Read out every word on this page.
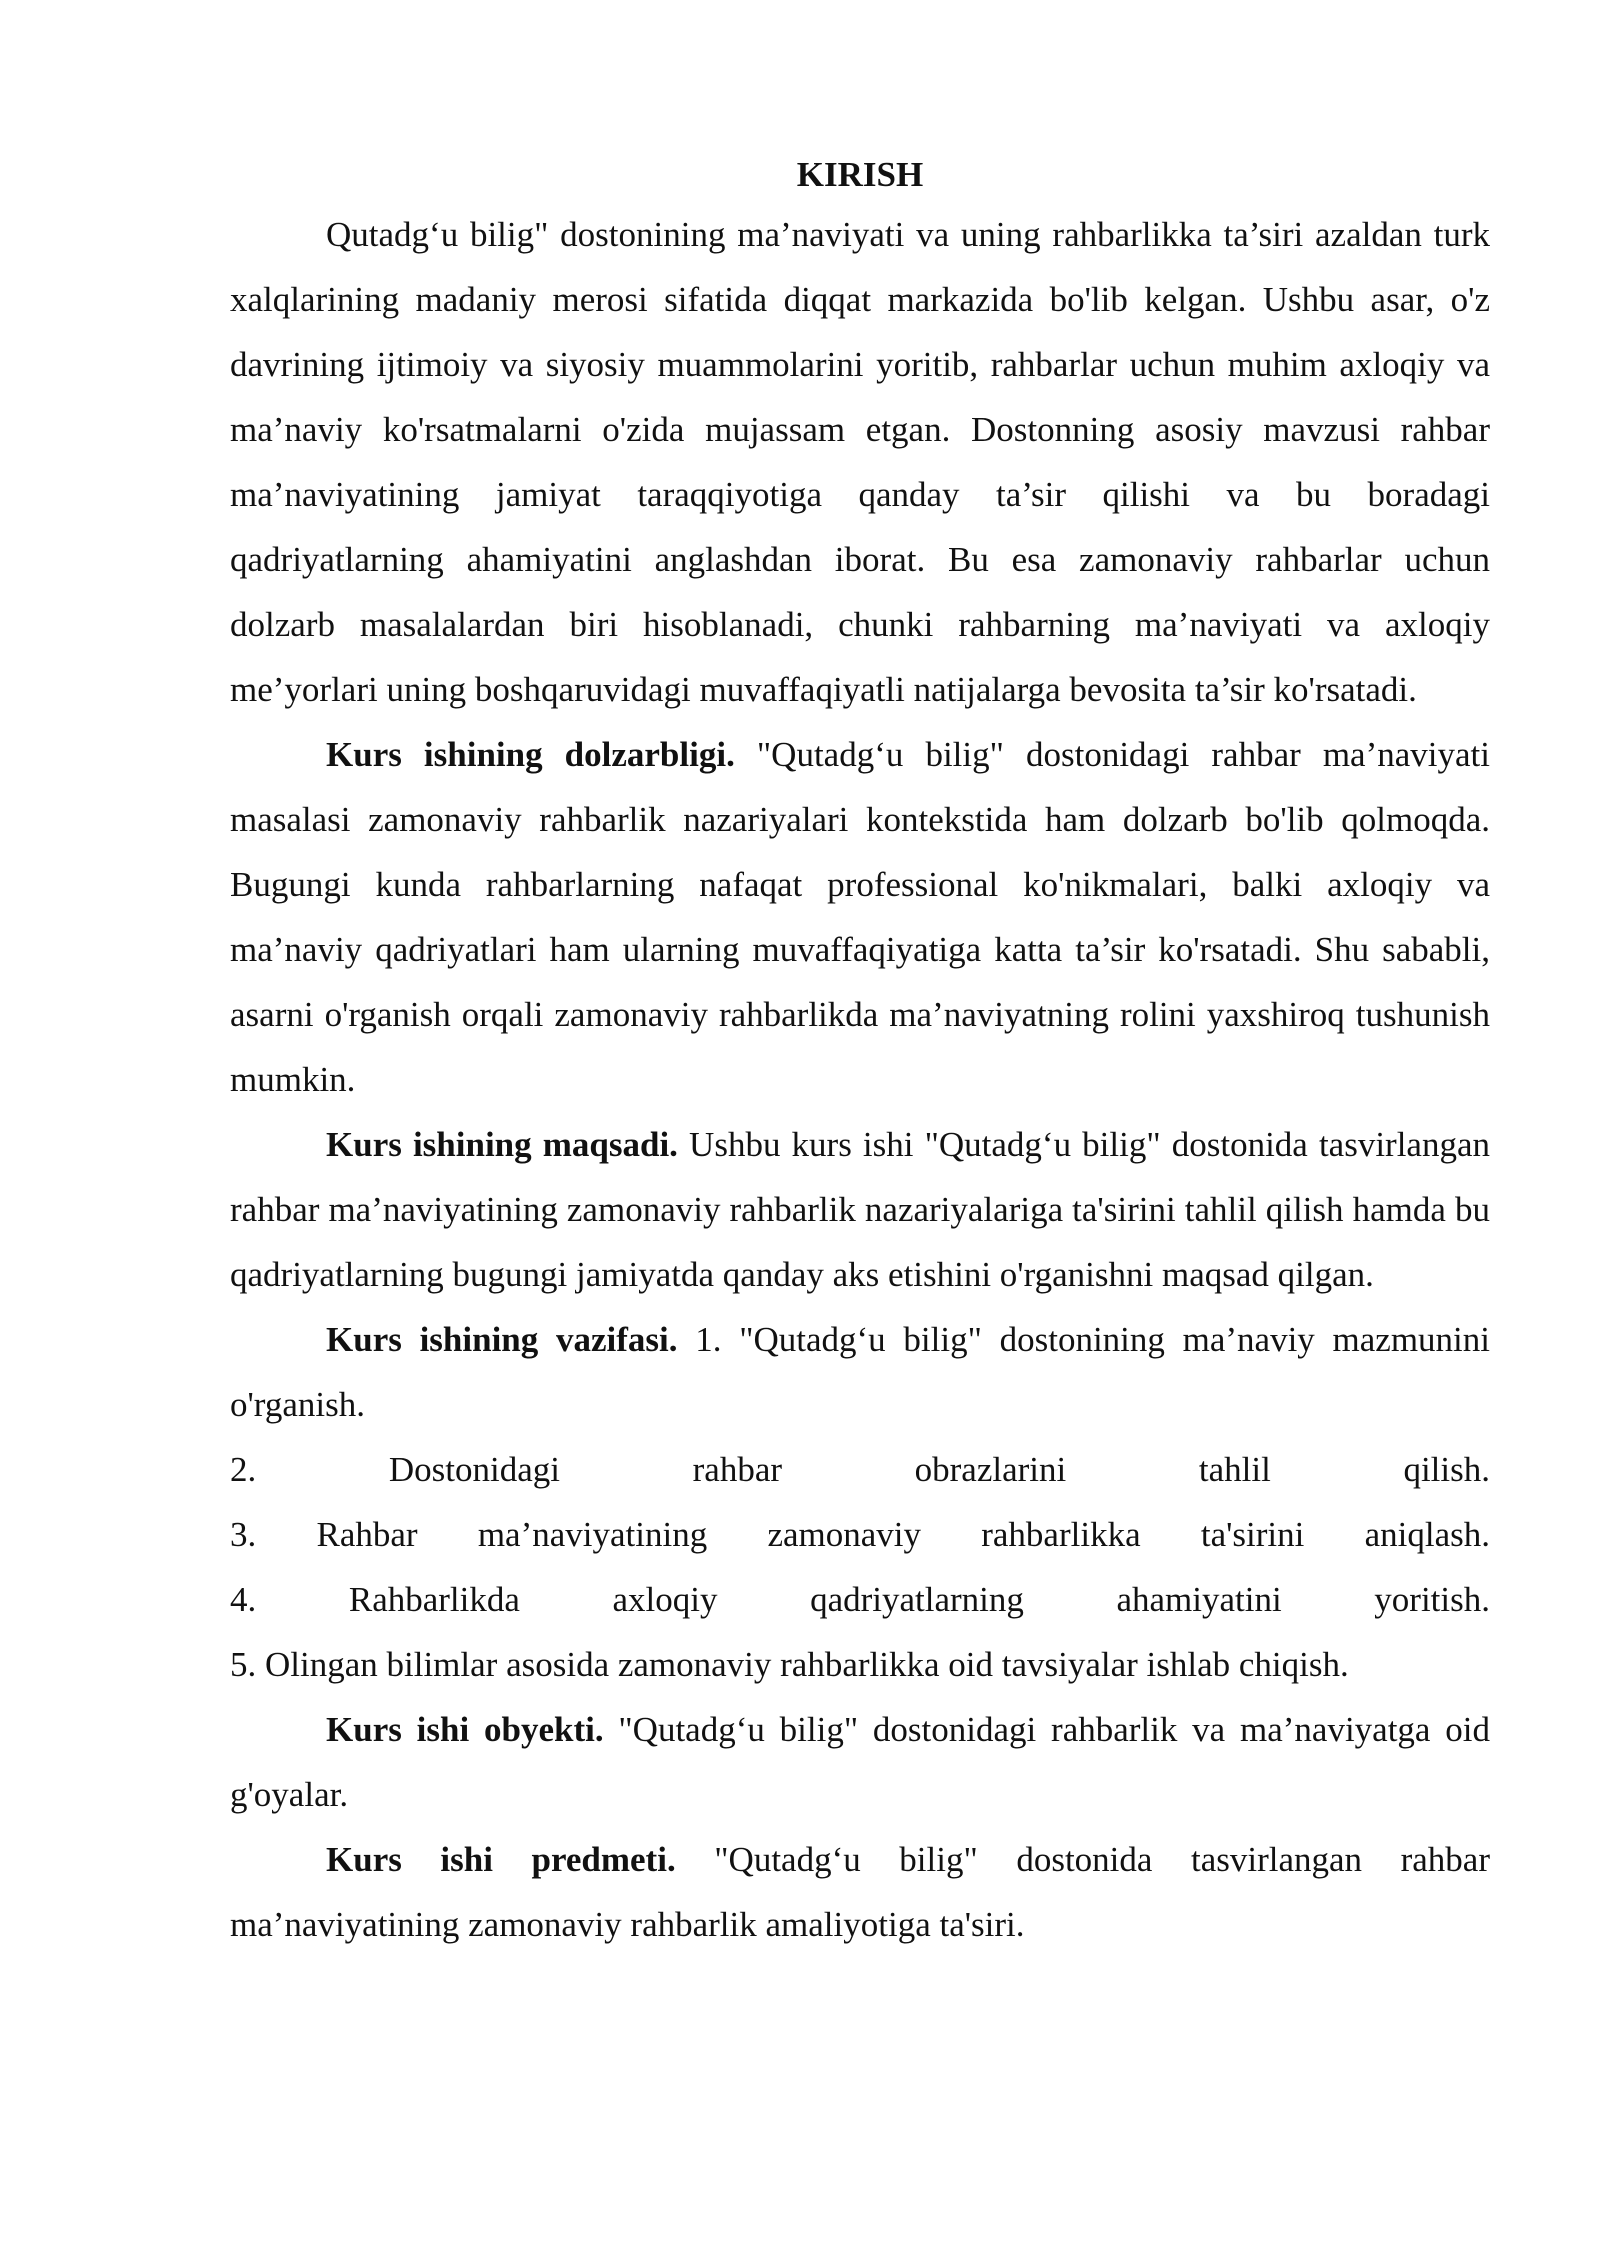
KIRISH

Qutadg‘u bilig" dostonining ma’naviyati va uning rahbarlikka ta’siri azaldan turk xalqlarining madaniy merosi sifatida diqqat markazida bo'lib kelgan. Ushbu asar, o'z davrining ijtimoiy va siyosiy muammolarini yoritib, rahbarlar uchun muhim axloqiy va ma’naviy ko'rsatmalarni o'zida mujassam etgan. Dostonning asosiy mavzusi rahbar ma’naviyatining jamiyat taraqqiyotiga qanday ta’sir qilishi va bu boradagi qadriyatlarning ahamiyatini anglashdan iborat. Bu esa zamonaviy rahbarlar uchun dolzarb masalalardan biri hisoblanadi, chunki rahbarning ma’naviyati va axloqiy me’yorlari uning boshqaruvidagi muvaffaqiyatli natijalarga bevosita ta’sir ko'rsatadi.

Kurs ishining dolzarbligi. "Qutadg‘u bilig" dostonidagi rahbar ma’naviyati masalasi zamonaviy rahbarlik nazariyalari kontekstida ham dolzarb bo'lib qolmoqda. Bugungi kunda rahbarlarning nafaqat professional ko'nikmalari, balki axloqiy va ma’naviy qadriyatlari ham ularning muvaffaqiyatiga katta ta’sir ko'rsatadi. Shu sababli, asarni o'rganish orqali zamonaviy rahbarlikda ma’naviyatning rolini yaxshiroq tushunish mumkin.

Kurs ishining maqsadi. Ushbu kurs ishi "Qutadg‘u bilig" dostonida tasvirlangan rahbar ma’naviyatining zamonaviy rahbarlik nazariyalariga ta'sirini tahlil qilish hamda bu qadriyatlarning bugungi jamiyatda qanday aks etishini o'rganishni maqsad qilgan.

Kurs ishining vazifasi. 1. "Qutadg‘u bilig" dostonining ma’naviy mazmunini o'rganish.

2. Dostonidagi rahbar obrazlarini tahlil qilish.

3. Rahbar ma’naviyatining zamonaviy rahbarlikka ta'sirini aniqlash.

4. Rahbarlikda axloqiy qadriyatlarning ahamiyatini yoritish.

5. Olingan bilimlar asosida zamonaviy rahbarlikka oid tavsiyalar ishlab chiqish.

Kurs ishi obyekti. "Qutadg‘u bilig" dostonidagi rahbarlik va ma’naviyatga oid g'oyalar.

Kurs ishi predmeti. "Qutadg‘u bilig" dostonida tasvirlangan rahbar ma’naviyatining zamonaviy rahbarlik amaliyotiga ta'siri.
